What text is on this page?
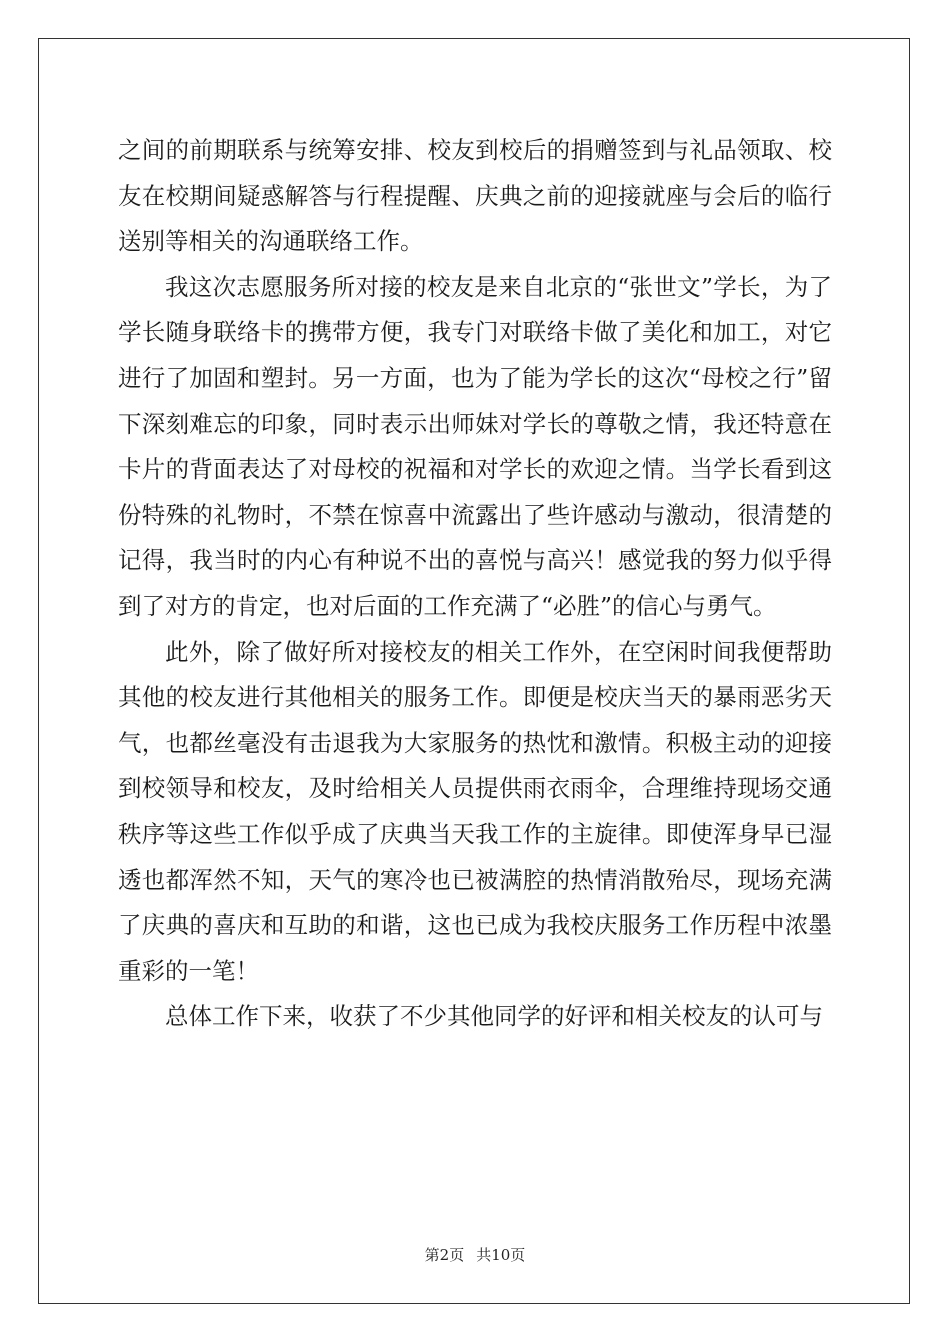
之间的前期联系与统筹安排、校友到校后的捐赠签到与礼品领取、校友在校期间疑惑解答与行程提醒、庆典之前的迎接就座与会后的临行送别等相关的沟通联络工作。

我这次志愿服务所对接的校友是来自北京的“张世文”学长，为了学长随身联络卡的携带方便，我专门对联络卡做了美化和加工，对它进行了加固和塑封。另一方面，也为了能为学长的这次“母校之行”留下深刻难忘的印象，同时表示出师妹对学长的尊敬之情，我还特意在卡片的背面表达了对母校的祝福和对学长的欢迎之情。当学长看到这份特殊的礼物时，不禁在惊喜中流露出了些许感动与激动，很清楚的记得，我当时的内心有种说不出的喜悦与高兴！感觉我的努力似乎得到了对方的肯定，也对后面的工作充满了“必胜”的信心与勇气。

此外，除了做好所对接校友的相关工作外，在空闲时间我便帮助其他的校友进行其他相关的服务工作。即便是校庆当天的暴雨恶劣天气，也都丝毫没有击退我为大家服务的热忱和激情。积极主动的迎接到校领导和校友，及时给相关人员提供雨衣雨伞，合理维持现场交通秩序等这些工作似乎成了庆典当天我工作的主旋律。即使浑身早已湿透也都浑然不知，天气的寒冷也已被满腔的热情消散殆尽，现场充满了庆典的喜庆和互助的和谐，这也已成为我校庆服务工作历程中浓墨重彩的一笔！

总体工作下来，收获了不少其他同学的好评和相关校友的认可与

第2页 共10页
